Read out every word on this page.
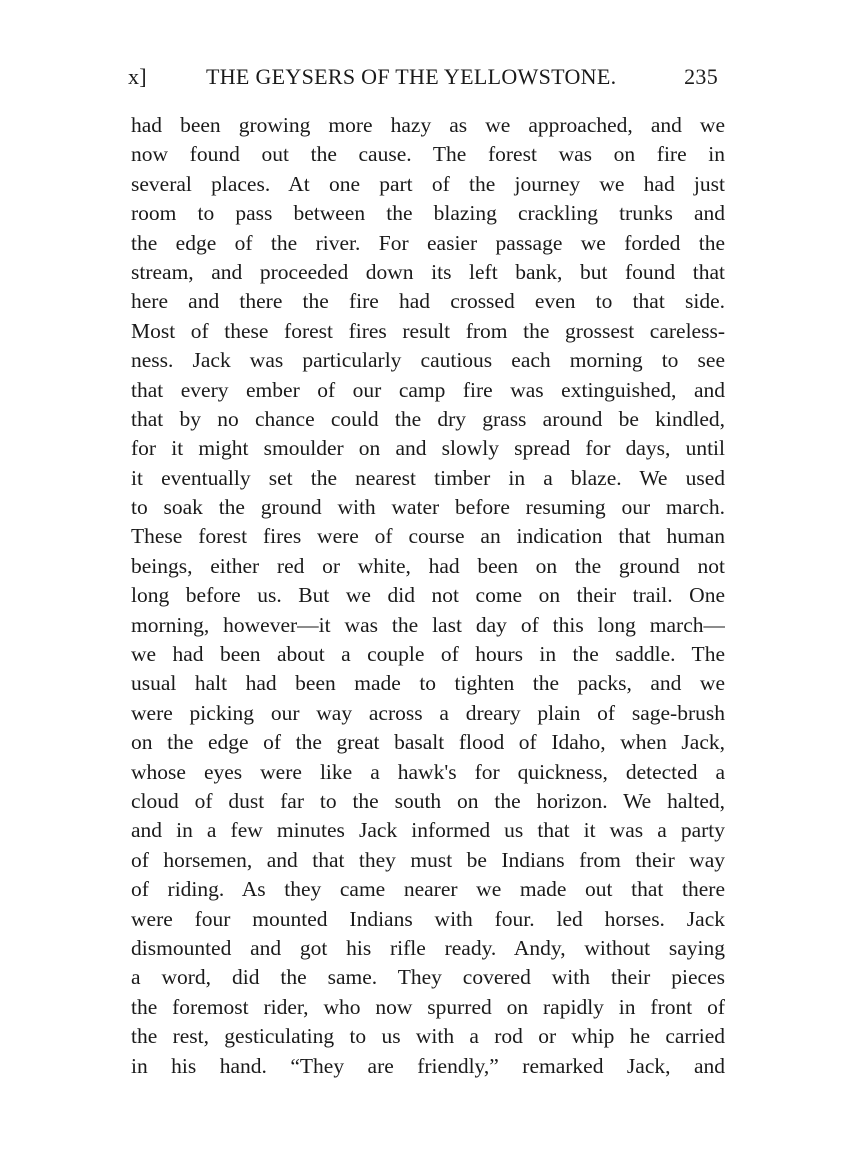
x]	THE GEYSERS OF THE YELLOWSTONE.	235
had been growing more hazy as we approached, and we
now found out the cause. The forest was on fire in
several places. At one part of the journey we had just
room to pass between the blazing crackling trunks and
the edge of the river. For easier passage we forded the
stream, and proceeded down its left bank, but found that
here and there the fire had crossed even to that side.
Most of these forest fires result from the grossest careless-
ness. Jack was particularly cautious each morning to see
that every ember of our camp fire was extinguished, and
that by no chance could the dry grass around be kindled,
for it might smoulder on and slowly spread for days, until
it eventually set the nearest timber in a blaze. We used
to soak the ground with water before resuming our march.
These forest fires were of course an indication that human
beings, either red or white, had been on the ground not
long before us. But we did not come on their trail. One
morning, however—it was the last day of this long march—
we had been about a couple of hours in the saddle. The
usual halt had been made to tighten the packs, and we
were picking our way across a dreary plain of sage-brush
on the edge of the great basalt flood of Idaho, when Jack,
whose eyes were like a hawk's for quickness, detected a
cloud of dust far to the south on the horizon. We halted,
and in a few minutes Jack informed us that it was a party
of horsemen, and that they must be Indians from their way
of riding. As they came nearer we made out that there
were four mounted Indians with four. led horses. Jack
dismounted and got his rifle ready. Andy, without saying
a word, did the same. They covered with their pieces
the foremost rider, who now spurred on rapidly in front of
the rest, gesticulating to us with a rod or whip he carried
in his hand. “They are friendly,” remarked Jack, and
